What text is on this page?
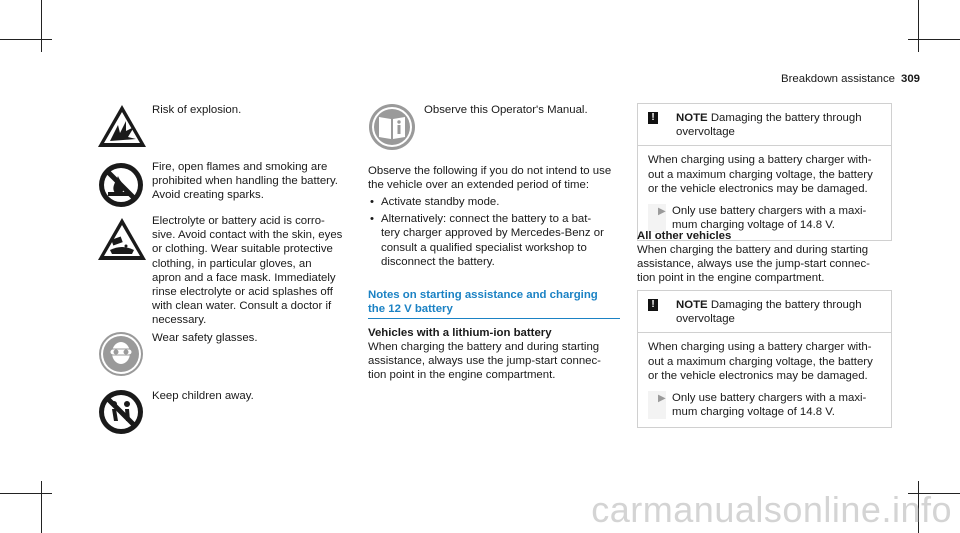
Breakdown assistance 309
Risk of explosion.
Fire, open flames and smoking are
prohibited when handling the battery.
Avoid creating sparks.
Electrolyte or battery acid is corro-
sive. Avoid contact with the skin, eyes
or clothing. Wear suitable protective
clothing, in particular gloves, an
apron and a face mask. Immediately
rinse electrolyte or acid splashes off
with clean water. Consult a doctor if
necessary.
Wear safety glasses.
Keep children away.
Observe this Operator's Manual.
Observe the following if you do not intend to use
the vehicle over an extended period of time:
• Activate standby mode.
• Alternatively: connect the battery to a bat-
tery charger approved by Mercedes-Benz or
consult a qualified specialist workshop to
disconnect the battery.
Notes on starting assistance and charging
the 12 V battery
Vehicles with a lithium-ion battery
When charging the battery and during starting
assistance, always use the jump-start connec-
tion point in the engine compartment.
! NOTE Damaging the battery through
overvoltage
When charging using a battery charger with-
out a maximum charging voltage, the battery
or the vehicle electronics may be damaged.
▶ Only use battery chargers with a maxi-
mum charging voltage of 14.8 V.
All other vehicles
When charging the battery and during starting
assistance, always use the jump-start connec-
tion point in the engine compartment.
! NOTE Damaging the battery through
overvoltage
When charging using a battery charger with-
out a maximum charging voltage, the battery
or the vehicle electronics may be damaged.
▶ Only use battery chargers with a maxi-
mum charging voltage of 14.8 V.
carmanualsonline.info
